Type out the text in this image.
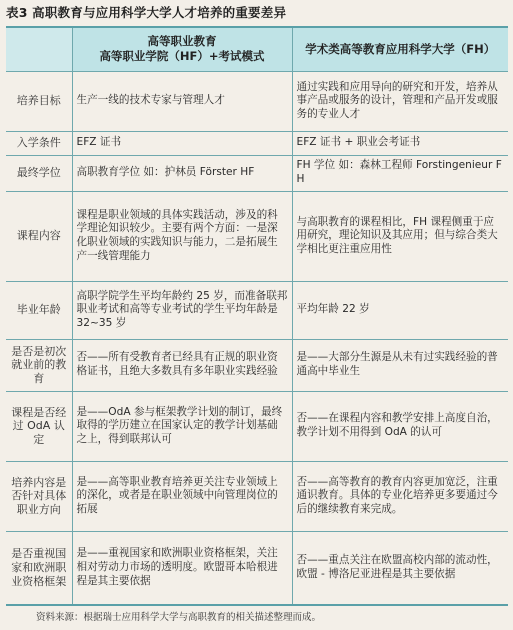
表3 高职教育与应用科学大学人才培养的重要差异

	高等职业教育
高等职业学院（HF）+考试模式	学术类高等教育应用科学大学（FH）
培养目标	生产一线的技术专家与管理人才	通过实践和应用导向的研究和开发，培养从事产品或服务的设计，管理和产品开发或服务的专业人才
入学条件	EFZ 证书	EFZ 证书 + 职业会考证书
最终学位	高职教育学位 如：护林员 Förster HF	FH 学位 如：森林工程师 Forstingenieur FH
课程内容	课程是职业领域的具体实践活动，涉及的科学理论知识较少。主要有两个方面：一是深化职业领域的实践知识与能力，二是拓展生产一线管理能力	与高职教育的课程相比，FH 课程侧重于应用研究，理论知识及其应用；但与综合类大学相比更注重应用性
毕业年龄	高职学院学生平均年龄约 25 岁，而准备联邦职业考试和高等专业考试的学生平均年龄是 32~35 岁	平均年龄 22 岁
是否是初次就业前的教育	否——所有受教育者已经具有正规的职业资格证书，且绝大多数具有多年职业实践经验	是——大部分生源是从未有过实践经验的普通高中毕业生
课程是否经过 OdA 认定	是——OdA 参与框架教学计划的制订，最终取得的学历建立在国家认定的教学计划基础之上，得到联邦认可	否——在课程内容和教学安排上高度自治，教学计划不用得到 OdA 的认可
培养内容是否针对具体职业方向	是——高等职业教育培养更关注专业领域上的深化，或者是在职业领域中向管理岗位的拓展	否——高等教育的教育内容更加宽泛，注重通识教育。具体的专业化培养更多要通过今后的继续教育来完成。
是否重视国家和欧洲职业资格框架	是——重视国家和欧洲职业资格框架，关注相对劳动力市场的透明度。欧盟哥本哈根进程是其主要依据	否——重点关注在欧盟高校内部的流动性，欧盟 - 博洛尼亚进程是其主要依据
资料来源：根据瑞士应用科学大学与高职教育的相关描述整理而成。
